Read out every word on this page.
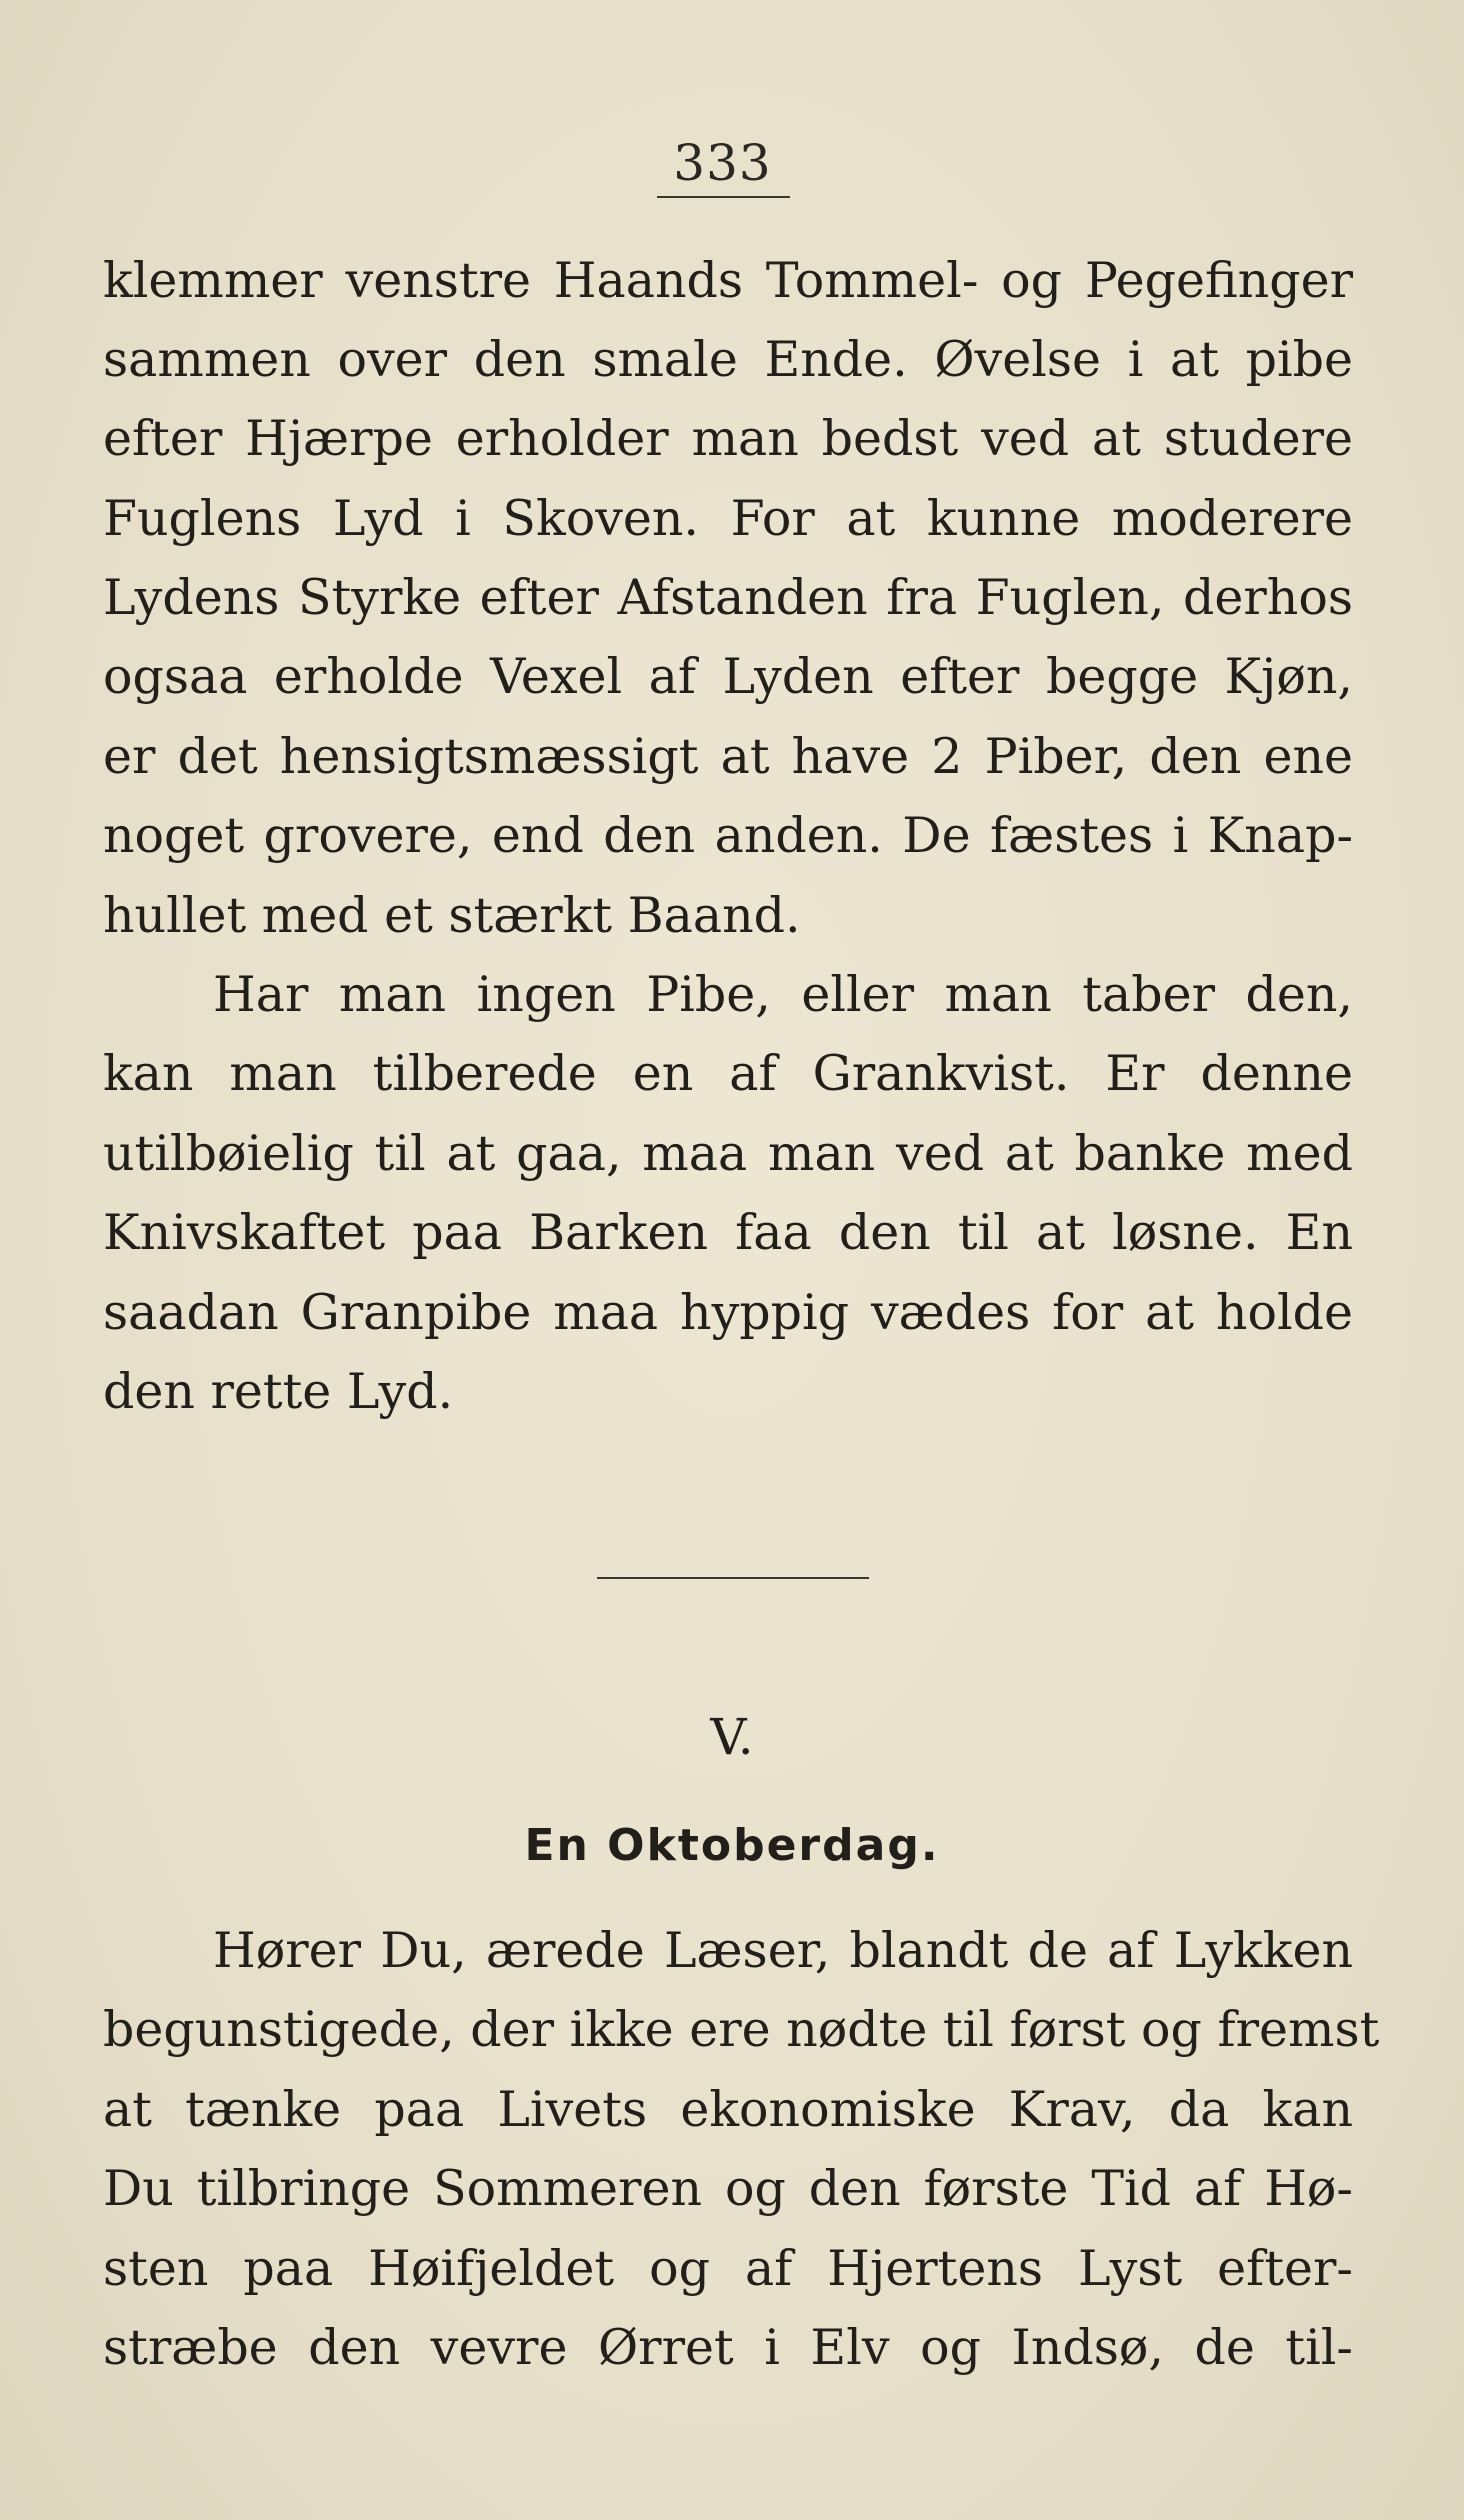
333
klemmer venstre Haands Tommel- og Pegefinger
sammen over den smale Ende. Øvelse i at pibe
efter Hjærpe erholder man bedst ved at studere
Fuglens Lyd i Skoven. For at kunne moderere
Lydens Styrke efter Afstanden fra Fuglen, derhos
ogsaa erholde Vexel af Lyden efter begge Kjøn,
er det hensigtsmæssigt at have 2 Piber, den ene
noget grovere, end den anden. De fæstes i Knap-
hullet med et stærkt Baand.
Har man ingen Pibe, eller man taber den,
kan man tilberede en af Grankvist. Er denne
utilbøielig til at gaa, maa man ved at banke med
Knivskaftet paa Barken faa den til at løsne. En
saadan Granpibe maa hyppig vædes for at holde
den rette Lyd.
V.
En Oktoberdag.
Hører Du, ærede Læser, blandt de af Lykken
begunstigede, der ikke ere nødte til først og fremst
at tænke paa Livets ekonomiske Krav, da kan
Du tilbringe Sommeren og den første Tid af Hø-
sten paa Høifjeldet og af Hjertens Lyst efter-
stræbe den vevre Ørret i Elv og Indsø, de til-
